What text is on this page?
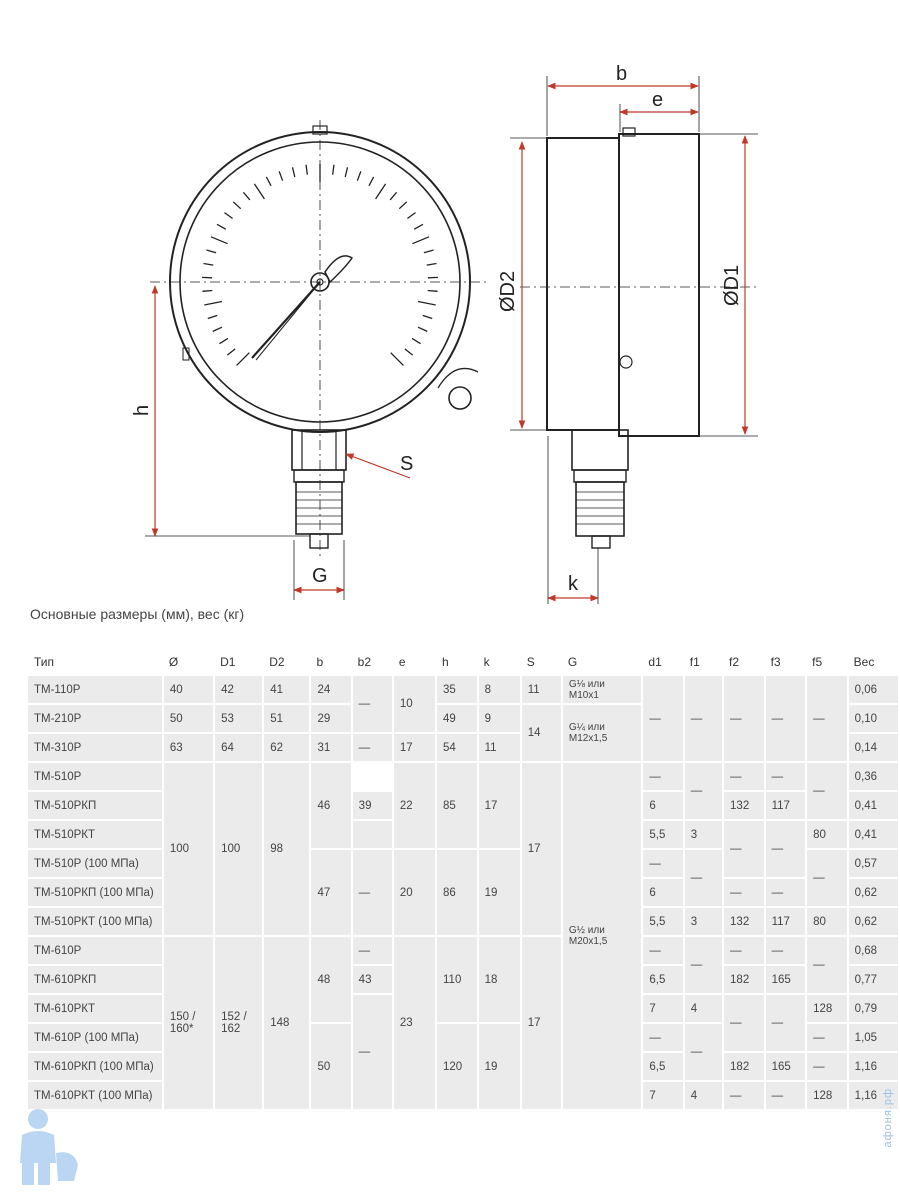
b
e
ØD2	ØD1
h
S
G	k
Основные размеры (мм), вес (кг)
Тип	Ø	D1	D2	b	b2	e	h	k	S	G	d1	f1	f2	f3	f5	Вес
ТМ-110Р	40	42	41	24	—	10	35	8	11	G⅛ или М10х1	—	—	—	—	—	0,06
ТМ-210Р	50	53	51	29			49	9	14	G¼ или М12х1,5						0,10
ТМ-310Р	63	64	62	31	—	17	54	11								0,14
ТМ-510Р	100	100	98	46		22	85	17	17	G½ или М20х1,5	—	—	—	—	—	0,36
ТМ-510РКП					39						6		132	117		0,41
ТМ-510РКТ											5,5	3	—	—	80	0,41
ТМ-510Р (100 МПа)				47	—	20	86	19			—	—			—	0,57
ТМ-510РКП (100 МПа)											6		—	—		0,62
ТМ-510РКТ (100 МПа)											5,5	3	132	117	80	0,62
ТМ-610Р	150 / 160*	152 / 162	148	48	—	23	110	18	17		—	—	—	—	—	0,68
ТМ-610РКП					43						6,5		182	165		0,77
ТМ-610РКТ					—						7	4	—	—	128	0,79
ТМ-610Р (100 МПа)				50			120	19			—	—			—	1,05
ТМ-610РКП (100 МПа)											6,5		182	165	—	1,16
ТМ-610РКТ (100 МПа)											7	4	—	—	128	1,16 афоня.рф
